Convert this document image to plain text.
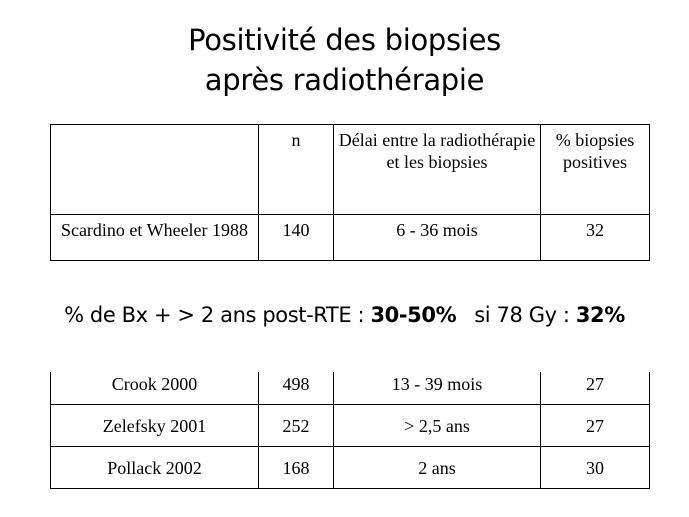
Positivité des biopsies
après radiothérapie
	n	Délai entre la radiothérapie et les biopsies	% biopsies positives
Scardino et Wheeler 1988	140	6 - 36 mois	32
% de Bx + > 2 ans post-RTE : 30-50% si 78 Gy : 32%
Crook 2000	498	13 - 39 mois	27
Zelefsky 2001	252	> 2,5 ans	27
Pollack 2002	168	2 ans	30
